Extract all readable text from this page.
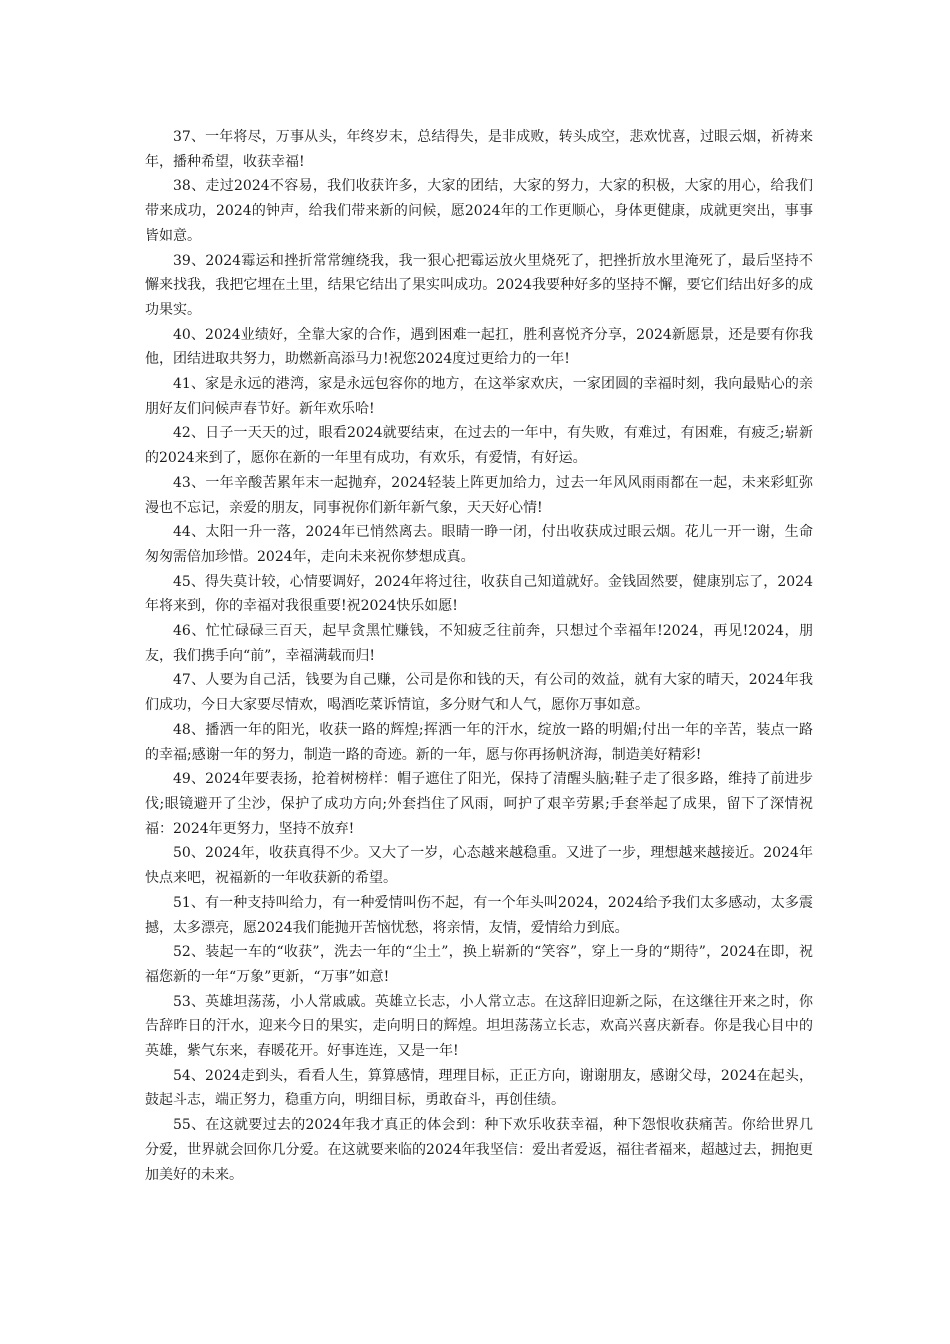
37、一年将尽，万事从头，年终岁末，总结得失，是非成败，转头成空，悲欢忧喜，过眼云烟，祈祷来年，播种希望，收获幸福!

38、走过2024不容易，我们收获许多，大家的团结，大家的努力，大家的积极，大家的用心，给我们带来成功，2024的钟声，给我们带来新的问候，愿2024年的工作更顺心，身体更健康，成就更突出，事事皆如意。

39、2024霉运和挫折常常缠绕我，我一狠心把霉运放火里烧死了，把挫折放水里淹死了，最后坚持不懈来找我，我把它埋在土里，结果它结出了果实叫成功。2024我要种好多的坚持不懈，要它们结出好多的成功果实。

40、2024业绩好，全靠大家的合作，遇到困难一起扛，胜利喜悦齐分享，2024新愿景，还是要有你我他，团结进取共努力，助燃新高添马力!祝您2024度过更给力的一年!

41、家是永远的港湾，家是永远包容你的地方，在这举家欢庆，一家团圆的幸福时刻，我向最贴心的亲朋好友们问候声春节好。新年欢乐哈!

42、日子一天天的过，眼看2024就要结束，在过去的一年中，有失败，有难过，有困难，有疲乏;崭新的2024来到了，愿你在新的一年里有成功，有欢乐，有爱情，有好运。

43、一年辛酸苦累年末一起抛弃，2024轻装上阵更加给力，过去一年风风雨雨都在一起，未来彩虹弥漫也不忘记，亲爱的朋友，同事祝你们新年新气象，天天好心情!

44、太阳一升一落，2024年已悄然离去。眼睛一睁一闭，付出收获成过眼云烟。花儿一开一谢，生命匆匆需倍加珍惜。2024年，走向未来祝你梦想成真。

45、得失莫计较，心情要调好，2024年将过往，收获自己知道就好。金钱固然要，健康别忘了，2024年将来到，你的幸福对我很重要!祝2024快乐如愿!

46、忙忙碌碌三百天，起早贪黑忙赚钱，不知疲乏往前奔，只想过个幸福年!2024，再见!2024，朋友，我们携手向“前”，幸福满载而归!

47、人要为自己活，钱要为自己赚，公司是你和钱的天，有公司的效益，就有大家的晴天，2024年我们成功，今日大家要尽情欢，喝酒吃菜诉情谊，多分财气和人气，愿你万事如意。

48、播洒一年的阳光，收获一路的辉煌;挥洒一年的汗水，绽放一路的明媚;付出一年的辛苦，装点一路的幸福;感谢一年的努力，制造一路的奇迹。新的一年，愿与你再扬帆济海，制造美好精彩!

49、2024年要表扬，抢着树榜样：帽子遮住了阳光，保持了清醒头脑;鞋子走了很多路，维持了前进步伐;眼镜避开了尘沙，保护了成功方向;外套挡住了风雨，呵护了艰辛劳累;手套举起了成果，留下了深情祝福：2024年更努力，坚持不放弃!

50、2024年，收获真得不少。又大了一岁，心态越来越稳重。又进了一步，理想越来越接近。2024年快点来吧，祝福新的一年收获新的希望。

51、有一种支持叫给力，有一种爱情叫伤不起，有一个年头叫2024，2024给予我们太多感动，太多震撼，太多漂亮，愿2024我们能抛开苦恼忧愁，将亲情，友情，爱情给力到底。

52、装起一车的“收获”，洗去一年的“尘土”，换上崭新的“笑容”，穿上一身的“期待”，2024在即，祝福您新的一年“万象”更新，“万事”如意!

53、英雄坦荡荡，小人常戚戚。英雄立长志，小人常立志。在这辞旧迎新之际，在这继往开来之时，你告辞昨日的汗水，迎来今日的果实，走向明日的辉煌。坦坦荡荡立长志，欢高兴喜庆新春。你是我心目中的英雄，紫气东来，春暖花开。好事连连，又是一年!

54、2024走到头，看看人生，算算感情，理理目标，正正方向，谢谢朋友，感谢父母，2024在起头，鼓起斗志，端正努力，稳重方向，明细目标，勇敢奋斗，再创佳绩。

55、在这就要过去的2024年我才真正的体会到：种下欢乐收获幸福，种下怨恨收获痛苦。你给世界几分爱，世界就会回你几分爱。在这就要来临的2024年我坚信：爱出者爱返，福往者福来，超越过去，拥抱更加美好的未来。
